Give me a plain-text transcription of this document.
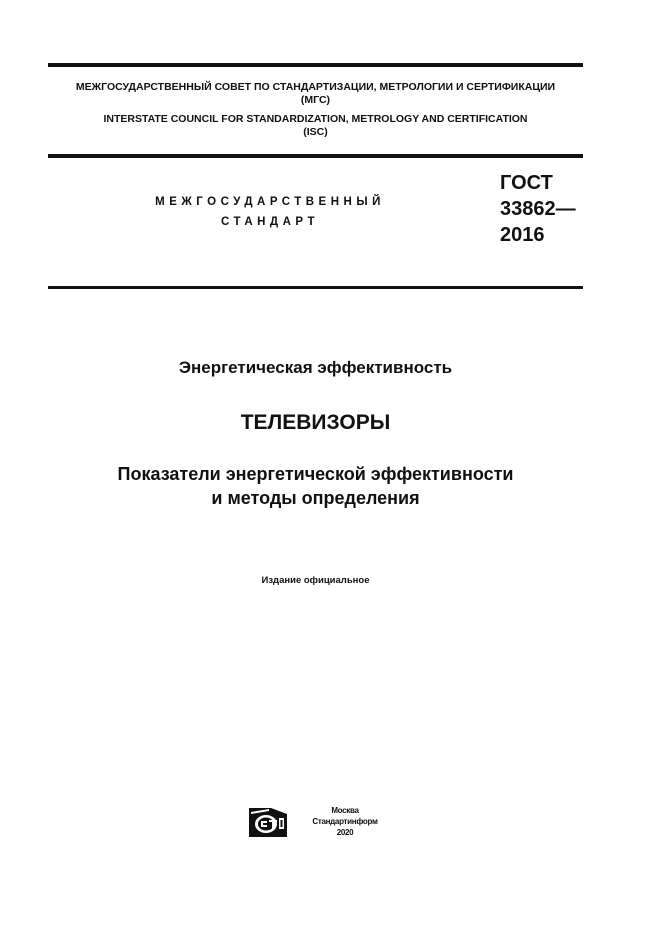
МЕЖГОСУДАРСТВЕННЫЙ СОВЕТ ПО СТАНДАРТИЗАЦИИ, МЕТРОЛОГИИ И СЕРТИФИКАЦИИ
(МГС)
INTERSTATE COUNCIL FOR STANDARDIZATION, METROLOGY AND CERTIFICATION
(ISC)
МЕЖГОСУДАРСТВЕННЫЙ
СТАНДАРТ
ГОСТ
33862—
2016
Энергетическая эффективность
ТЕЛЕВИЗОРЫ
Показатели энергетической эффективности
и методы определения
Издание официальное
Москва
Стандартинформ
2020
